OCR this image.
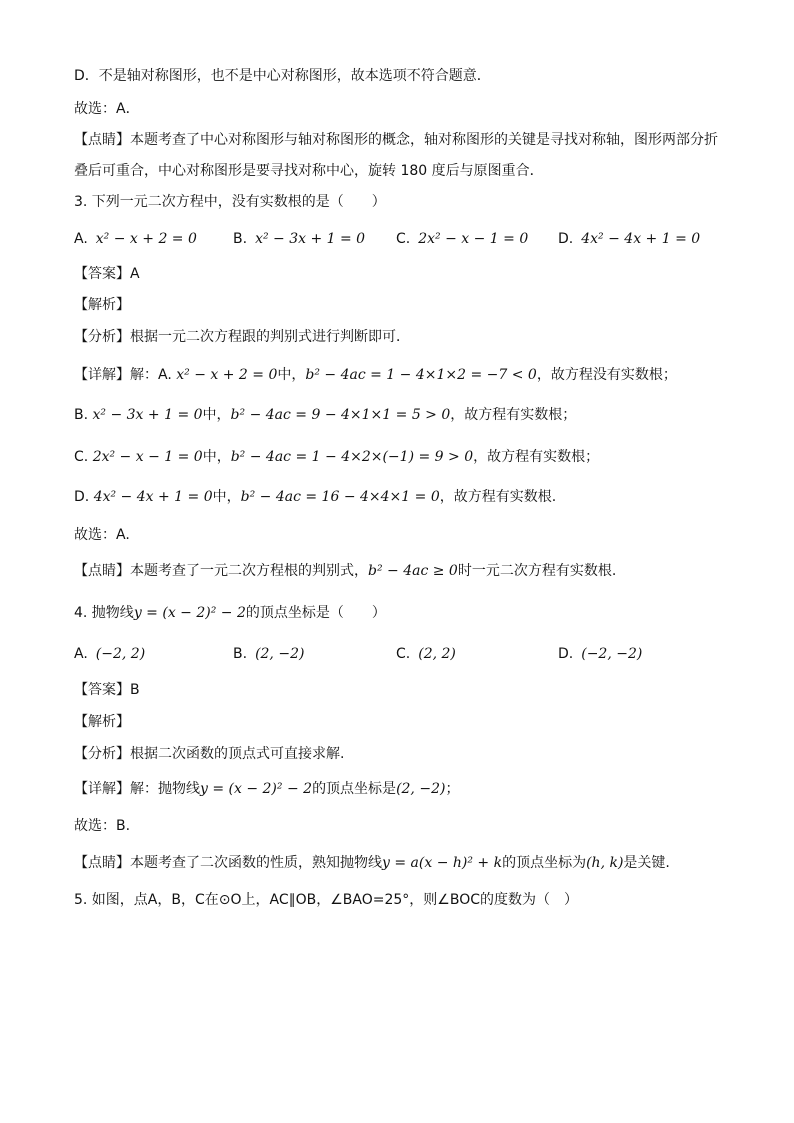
D．不是轴对称图形，也不是中心对称图形，故本选项不符合题意．
故选：A．
【点睛】本题考查了中心对称图形与轴对称图形的概念，轴对称图形的关键是寻找对称轴，图形两部分折
叠后可重合，中心对称图形是要寻找对称中心，旋转 180 度后与原图重合．
3. 下列一元二次方程中，没有实数根的是（　　）
A. x² − x + 2 = 0	B. x² − 3x + 1 = 0 C. 2x² − x − 1 = 0 D. 4x² − 4x + 1 = 0
【答案】A
【解析】
【分析】根据一元二次方程跟的判别式进行判断即可．
【详解】解：A. x² − x + 2 = 0中，b² − 4ac = 1 − 4×1×2 = −7 < 0，故方程没有实数根；
B. x² − 3x + 1 = 0中，b² − 4ac = 9 − 4×1×1 = 5 > 0，故方程有实数根；
C. 2x² − x − 1 = 0中，b² − 4ac = 1 − 4×2×(−1) = 9 > 0，故方程有实数根；
D. 4x² − 4x + 1 = 0中，b² − 4ac = 16 − 4×4×1 = 0，故方程有实数根.
故选：A.
【点睛】本题考查了一元二次方程根的判别式，b² − 4ac ≥ 0时一元二次方程有实数根.
4. 抛物线y = (x − 2)² − 2的顶点坐标是（　　）
A. (−2, 2)	B. (2, −2)	C. (2, 2)	D. (−2, −2)
【答案】B
【解析】
【分析】根据二次函数的顶点式可直接求解.
【详解】解：抛物线y = (x − 2)² − 2的顶点坐标是(2, −2)；
故选：B.
【点睛】本题考查了二次函数的性质，熟知抛物线y = a(x − h)² + k的顶点坐标为(h, k)是关键.
5. 如图，点A，B，C在⊙O上，AC∥OB，∠BAO=25°，则∠BOC的度数为（　）
